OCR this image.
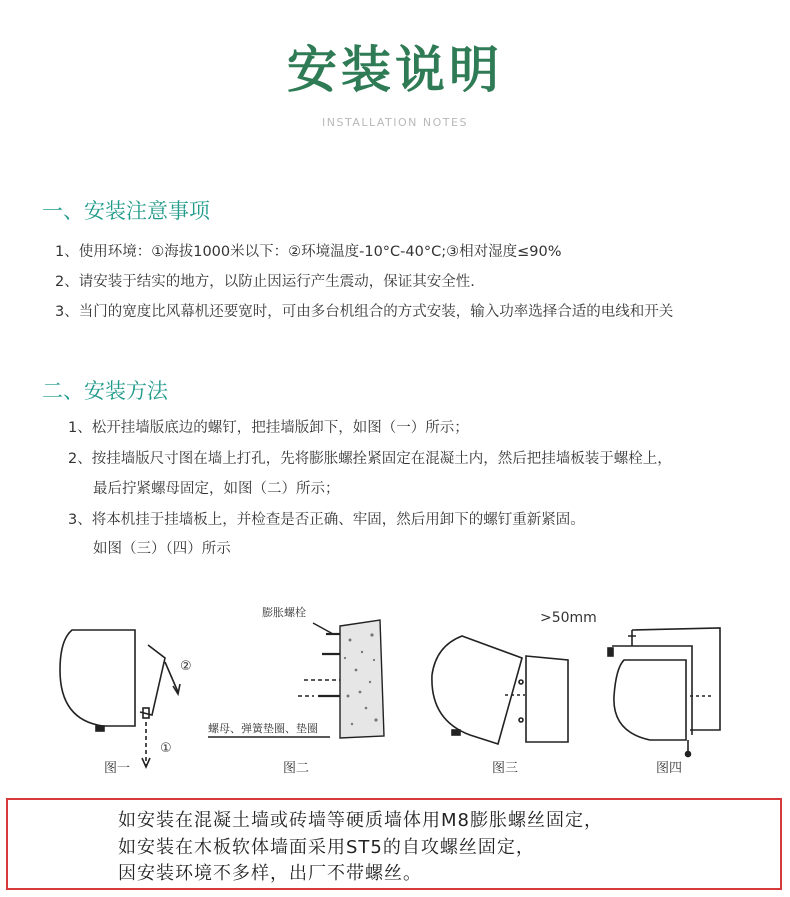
安装说明
INSTALLATION NOTES
一、安装注意事项
1、使用环境：①海拔1000米以下：②环境温度-10°C-40°C;③相对湿度≤90%
2、请安装于结实的地方，以防止因运行产生震动，保证其安全性.
3、当门的宽度比风幕机还要宽时，可由多台机组合的方式安装，输入功率选择合适的电线和开关
二、安装方法
1、松开挂墙版底边的螺钉，把挂墙版卸下，如图（一）所示；
2、按挂墙版尺寸图在墙上打孔，先将膨胀螺拴紧固定在混凝土内，然后把挂墙板装于螺栓上，
最后拧紧螺母固定，如图（二）所示；
3、将本机挂于挂墙板上，并检查是否正确、牢固，然后用卸下的螺钉重新紧固。
如图（三）（四）所示
②
①
图一
膨胀螺栓
螺母、弹簧垫圈、垫圈
图二
>50mm
图三	图四
如安装在混凝土墙或砖墙等硬质墙体用M8膨胀螺丝固定，
如安装在木板软体墙面采用ST5的自攻螺丝固定，
因安装环境不多样，出厂不带螺丝。
